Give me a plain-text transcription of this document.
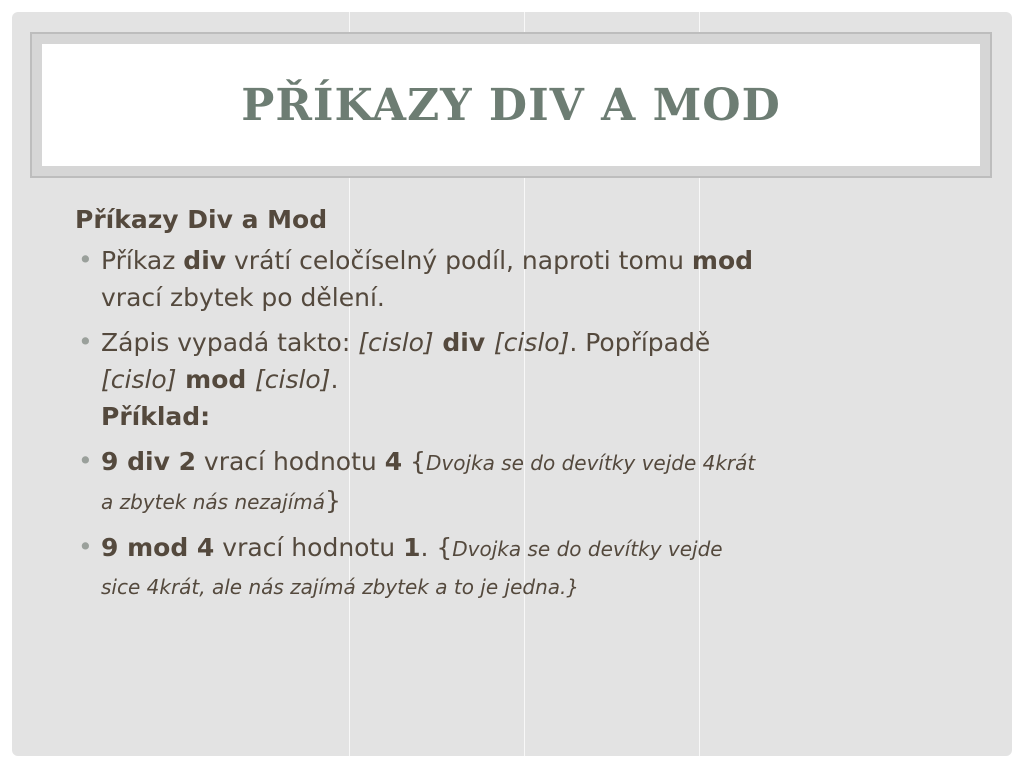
PŘÍKAZY DIV A MOD
Příkazy Div a Mod
• Příkaz div vrátí celočíselný podíl, naproti tomu mod

vrací zbytek po dělení.

• Zápis vypadá takto: [cislo] div [cislo]. Popřípadě

[cislo] mod [cislo].

Příklad:

• 9 div 2 vrací hodnotu 4 {Dvojka se do devítky vejde 4krát

a zbytek nás nezajímá}

• 9 mod 4 vrací hodnotu 1. {Dvojka se do devítky vejde

sice 4krát, ale nás zajímá zbytek a to je jedna.}
